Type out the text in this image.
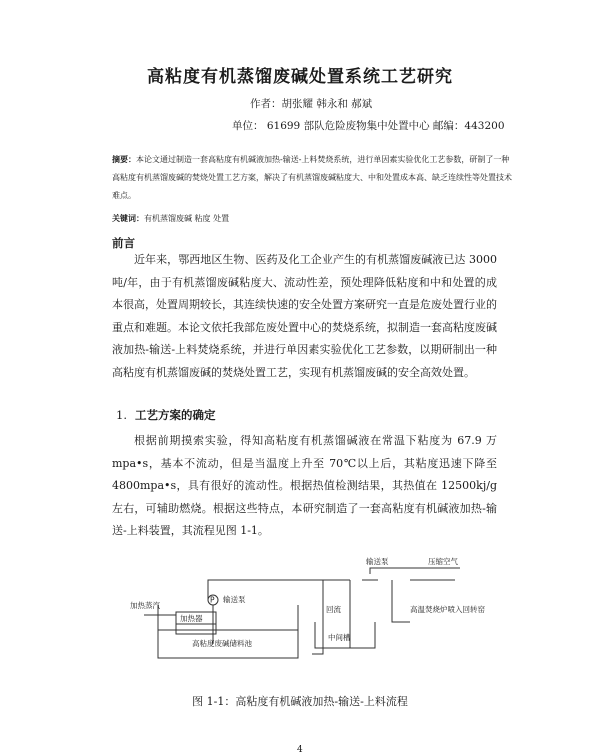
高粘度有机蒸馏废碱处置系统工艺研究
作者：胡张耀 韩永和 郝斌
单位： 61699 部队危险废物集中处置中心 邮编：443200
摘要：本论文通过制造一套高粘度有机碱液加热-输送-上料焚烧系统，进行单因素实验优化工艺参数，研制了一种高粘度有机蒸馏废碱的焚烧处置工艺方案，解决了有机蒸馏废碱粘度大、中和处置成本高、缺乏连续性等处置技术难点。
关键词：有机蒸馏废碱 粘度 处置
前言
近年来，鄂西地区生物、医药及化工企业产生的有机蒸馏废碱液已达 3000 吨/年，由于有机蒸馏废碱粘度大、流动性差，预处理降低粘度和中和处置的成本很高，处置周期较长，其连续快速的安全处置方案研究一直是危废处置行业的重点和难题。本论文依托我部危废处置中心的焚烧系统，拟制造一套高粘度废碱液加热-输送-上料焚烧系统，并进行单因素实验优化工艺参数，以期研制出一种高粘度有机蒸馏废碱的焚烧处置工艺，实现有机蒸馏废碱的安全高效处置。
1. 工艺方案的确定
根据前期摸索实验，得知高粘度有机蒸馏碱液在常温下粘度为 67.9 万 mpa•s，基本不流动，但是当温度上升至 70℃以上后，其粘度迅速下降至 4800mpa•s，具有很好的流动性。根据热值检测结果，其热值在 12500kj/g 左右，可辅助燃烧。根据这些特点，本研究制造了一套高粘度有机碱液加热-输送-上料装置，其流程见图 1-1。
加热蒸汽
P 输送泵
加热器
高粘度废碱储料池
回流
中间槽
输送泵	压缩空气
高温焚烧炉喷入回转窑
图 1-1：高粘度有机碱液加热-输送-上料流程
4
